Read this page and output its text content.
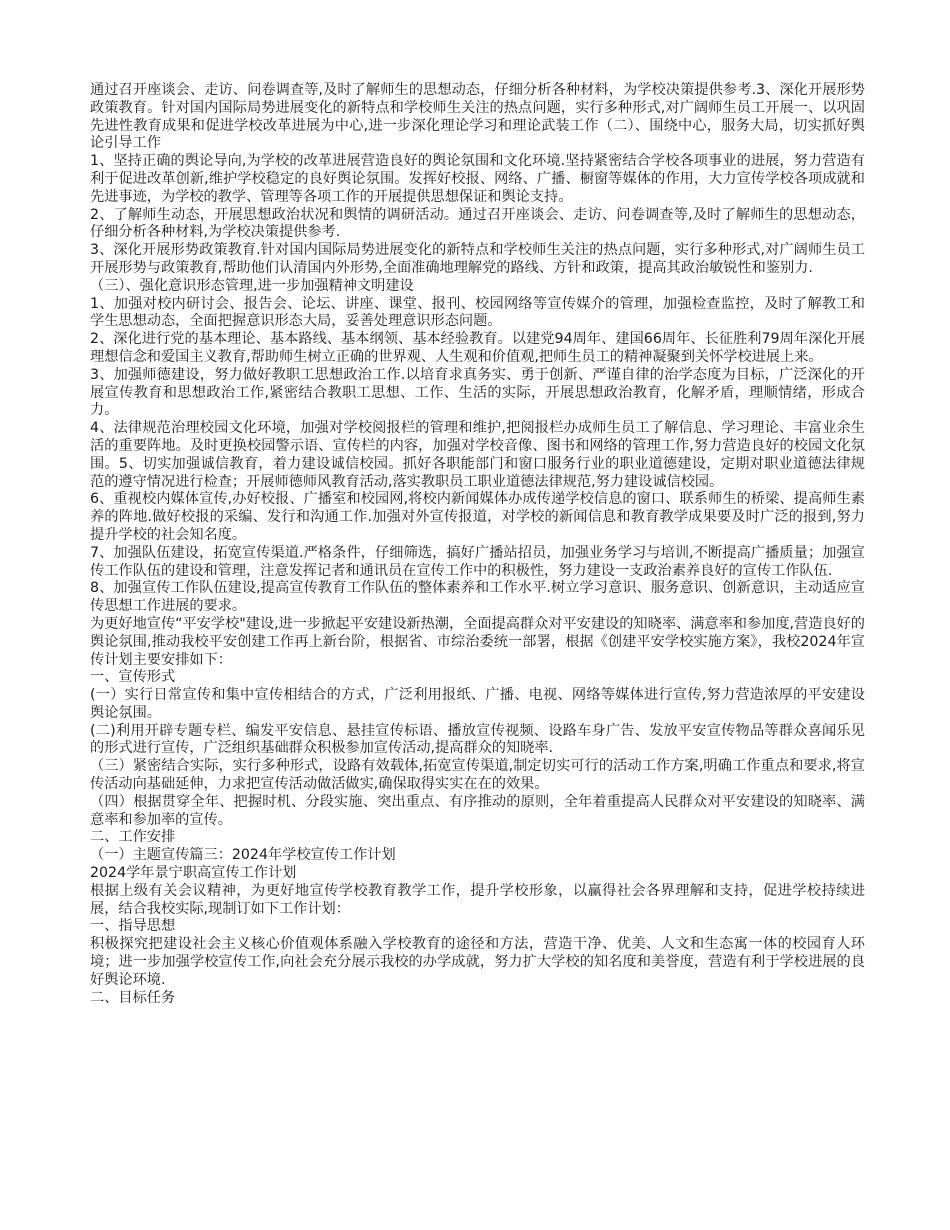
通过召开座谈会、走访、问卷调查等,及时了解师生的思想动态，仔细分析各种材料，为学校决策提供参考.3、深化开展形势政策教育。针对国内国际局势进展变化的新特点和学校师生关注的热点问题，实行多种形式,对广阔师生员工开展一、以巩固先进性教育成果和促进学校改革进展为中心,进一步深化理论学习和理论武装工作（二）、围绕中心，服务大局，切实抓好舆论引导工作

1、坚持正确的舆论导向,为学校的改革进展营造良好的舆论氛围和文化环境.坚持紧密结合学校各项事业的进展，努力营造有利于促进改革创新,维护学校稳定的良好舆论氛围。发挥好校报、网络、广播、橱窗等媒体的作用，大力宣传学校各项成就和先进事迹，为学校的教学、管理等各项工作的开展提供思想保证和舆论支持。

2、了解师生动态，开展思想政治状况和舆情的调研活动。通过召开座谈会、走访、问卷调查等,及时了解师生的思想动态，仔细分析各种材料,为学校决策提供参考.

3、深化开展形势政策教育.针对国内国际局势进展变化的新特点和学校师生关注的热点问题，实行多种形式,对广阔师生员工开展形势与政策教育,帮助他们认清国内外形势,全面准确地理解党的路线、方针和政策，提高其政治敏锐性和鉴别力.

（三）、强化意识形态管理,进一步加强精神文明建设

1、加强对校内研讨会、报告会、论坛、讲座、课堂、报刊、校园网络等宣传媒介的管理，加强检查监控，及时了解教工和学生思想动态，全面把握意识形态大局，妥善处理意识形态问题。

2、深化进行党的基本理论、基本路线、基本纲领、基本经验教育。以建党94周年、建国66周年、长征胜利79周年深化开展理想信念和爱国主义教育,帮助师生树立正确的世界观、人生观和价值观,把师生员工的精神凝聚到关怀学校进展上来。

3、加强师德建设，努力做好教职工思想政治工作.以培育求真务实、勇于创新、严谨自律的治学态度为目标，广泛深化的开展宣传教育和思想政治工作,紧密结合教职工思想、工作、生活的实际，开展思想政治教育，化解矛盾，理顺情绪，形成合力。

4、法律规范治理校园文化环境，加强对学校阅报栏的管理和维护,把阅报栏办成师生员工了解信息、学习理论、丰富业余生活的重要阵地。及时更换校园警示语、宣传栏的内容，加强对学校音像、图书和网络的管理工作,努力营造良好的校园文化氛围。5、切实加强诚信教育，着力建设诚信校园。抓好各职能部门和窗口服务行业的职业道德建设，定期对职业道德法律规范的遵守情况进行检查；开展师德师风教育活动,落实教职员工职业道德法律规范,努力建设诚信校园。

6、重视校内媒体宣传,办好校报、广播室和校园网,将校内新闻媒体办成传递学校信息的窗口、联系师生的桥梁、提高师生素养的阵地.做好校报的采编、发行和沟通工作.加强对外宣传报道，对学校的新闻信息和教育教学成果要及时广泛的报到,努力提升学校的社会知名度。

7、加强队伍建设，拓宽宣传渠道.严格条件，仔细筛选，搞好广播站招员，加强业务学习与培训,不断提高广播质量；加强宣传工作队伍的建设和管理，注意发挥记者和通讯员在宣传工作中的积极性，努力建设一支政治素养良好的宣传工作队伍.

8、加强宣传工作队伍建设,提高宣传教育工作队伍的整体素养和工作水平.树立学习意识、服务意识、创新意识，主动适应宣传思想工作进展的要求。

为更好地宣传“平安学校"建设,进一步掀起平安建设新热潮，全面提高群众对平安建设的知晓率、满意率和参加度,营造良好的舆论氛围,推动我校平安创建工作再上新台阶，根据省、市综治委统一部署，根据《创建平安学校实施方案》，我校2024年宣传计划主要安排如下：

一、宣传形式

(一）实行日常宣传和集中宣传相结合的方式，广泛利用报纸、广播、电视、网络等媒体进行宣传,努力营造浓厚的平安建设舆论氛围。

(二)利用开辟专题专栏、编发平安信息、悬挂宣传标语、播放宣传视频、设路车身广告、发放平安宣传物品等群众喜闻乐见的形式进行宣传，广泛组织基础群众积极参加宣传活动,提高群众的知晓率.

（三）紧密结合实际，实行多种形式，设路有效载体,拓宽宣传渠道,制定切实可行的活动工作方案,明确工作重点和要求,将宣传活动向基础延伸，力求把宣传活动做活做实,确保取得实实在在的效果。

（四）根据贯穿全年、把握时机、分段实施、突出重点、有序推动的原则，全年着重提高人民群众对平安建设的知晓率、满意率和参加率的宣传。

二、工作安排

（一）主题宣传篇三：2024年学校宣传工作计划

2024学年景宁职高宣传工作计划

根据上级有关会议精神，为更好地宣传学校教育教学工作，提升学校形象，以赢得社会各界理解和支持，促进学校持续进展，结合我校实际,现制订如下工作计划：

一、指导思想

积极探究把建设社会主义核心价值观体系融入学校教育的途径和方法，营造干净、优美、人文和生态寓一体的校园育人环境；进一步加强学校宣传工作,向社会充分展示我校的办学成就，努力扩大学校的知名度和美誉度，营造有利于学校进展的良好舆论环境.

二、目标任务
